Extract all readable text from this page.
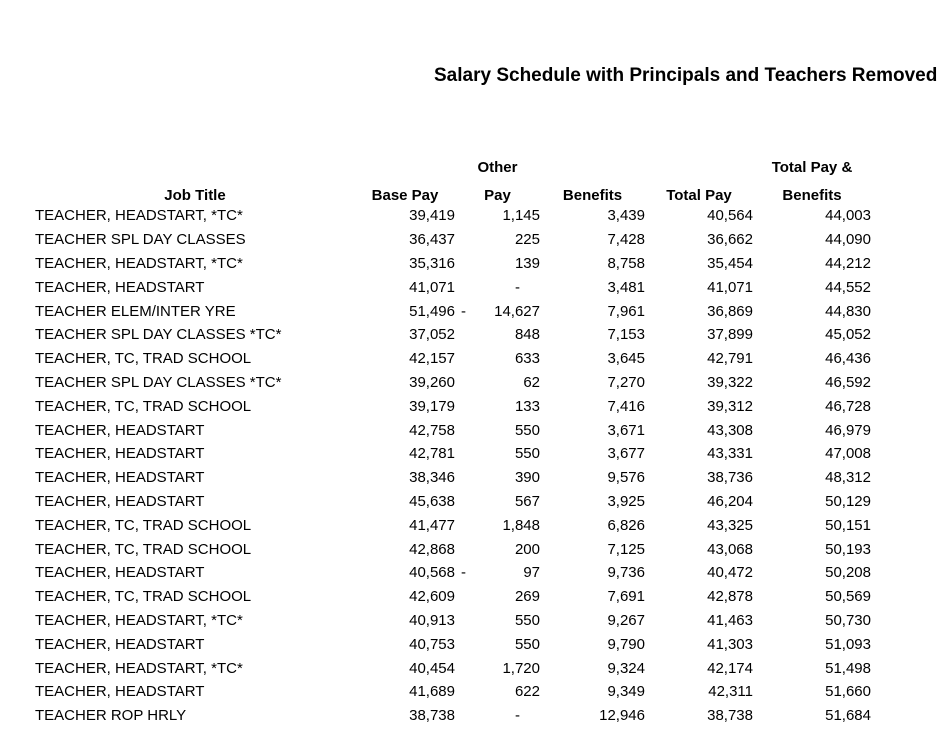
Salary Schedule with Principals and Teachers Removed
		Other			Total Pay &
Job Title	Base Pay	Pay	Benefits	Total Pay	Benefits
TEACHER, HEADSTART, *TC*	39,419	1,145	3,439	40,564	44,003
TEACHER SPL DAY CLASSES	36,437	225	7,428	36,662	44,090
TEACHER, HEADSTART, *TC*	35,316	139	8,758	35,454	44,212
TEACHER, HEADSTART	41,071	-	3,481	41,071	44,552
TEACHER ELEM/INTER YRE	51,496	- 14,627	7,961	36,869	44,830
TEACHER SPL DAY CLASSES *TC*	37,052	848	7,153	37,899	45,052
TEACHER, TC, TRAD SCHOOL	42,157	633	3,645	42,791	46,436
TEACHER SPL DAY CLASSES *TC*	39,260	62	7,270	39,322	46,592
TEACHER, TC, TRAD SCHOOL	39,179	133	7,416	39,312	46,728
TEACHER, HEADSTART	42,758	550	3,671	43,308	46,979
TEACHER, HEADSTART	42,781	550	3,677	43,331	47,008
TEACHER, HEADSTART	38,346	390	9,576	38,736	48,312
TEACHER, HEADSTART	45,638	567	3,925	46,204	50,129
TEACHER, TC, TRAD SCHOOL	41,477	1,848	6,826	43,325	50,151
TEACHER, TC, TRAD SCHOOL	42,868	200	7,125	43,068	50,193
TEACHER, HEADSTART	40,568	- 97	9,736	40,472	50,208
TEACHER, TC, TRAD SCHOOL	42,609	269	7,691	42,878	50,569
TEACHER, HEADSTART, *TC*	40,913	550	9,267	41,463	50,730
TEACHER, HEADSTART	40,753	550	9,790	41,303	51,093
TEACHER, HEADSTART, *TC*	40,454	1,720	9,324	42,174	51,498
TEACHER, HEADSTART	41,689	622	9,349	42,311	51,660
TEACHER ROP HRLY	38,738	-	12,946	38,738	51,684
